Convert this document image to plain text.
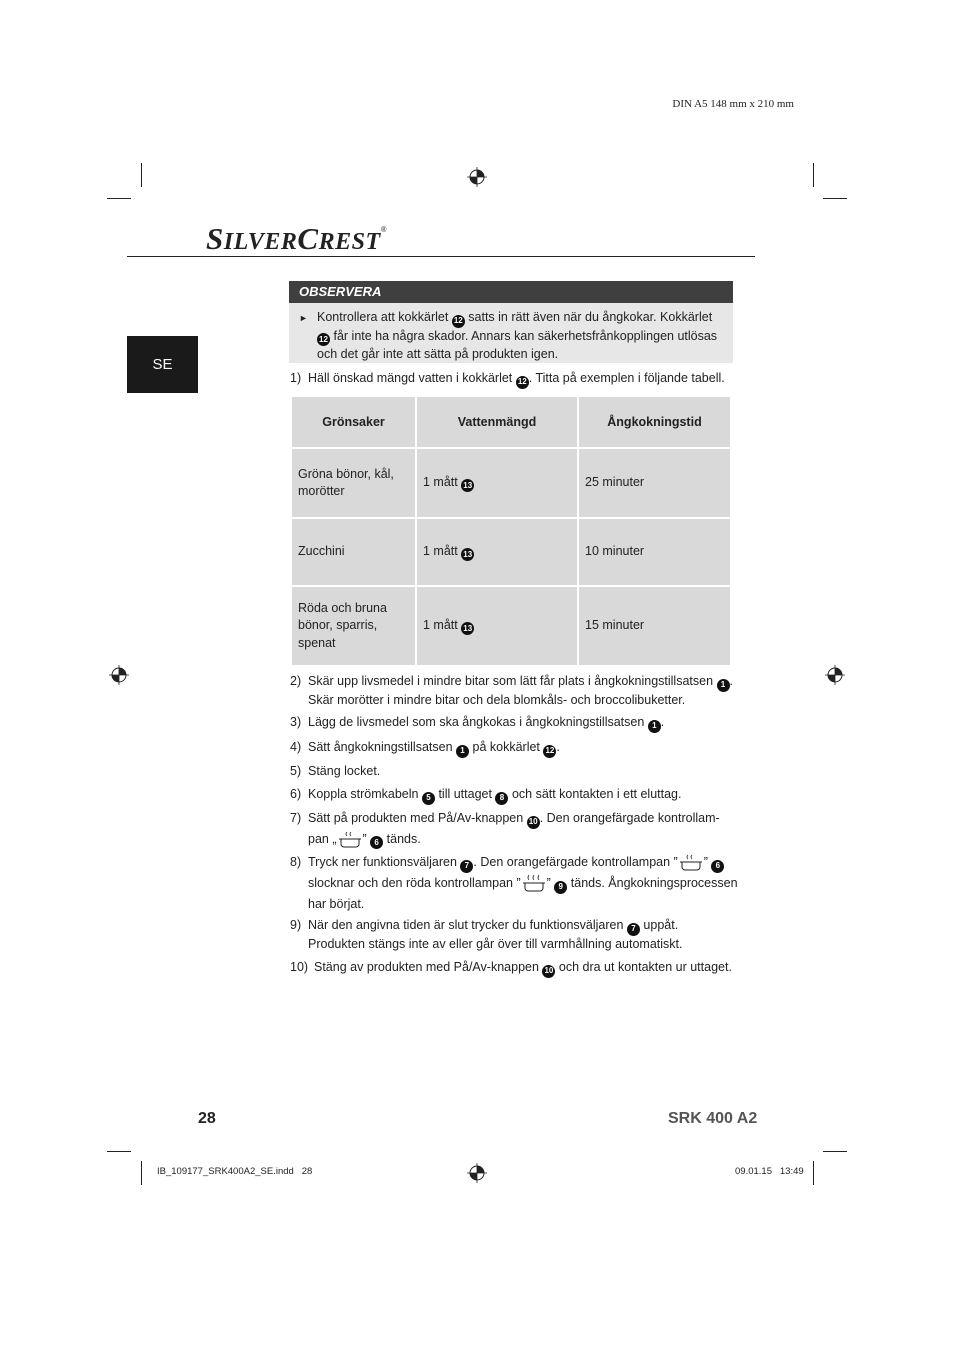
DIN A5 148 mm x 210 mm
SILVERCREST®
SE
OBSERVERA
► Kontrollera att kokkärlet 12 satts in rätt även när du ångkokar. Kokkärlet 12 får inte ha några skador. Annars kan säkerhetsfrånkopplingen utlösas och det går inte att sätta på produkten igen.
1) Häll önskad mängd vatten i kokkärlet 12 . Titta på exemplen i följande tabell.
Grönsaker	Vattenmängd	Ångkokningstid
Gröna bönor, kål, morötter	1 mått 13	25 minuter
Zucchini	1 mått 13	10 minuter
Röda och bruna bönor, sparris, spenat	1 mått 13	15 minuter
2) Skär upp livsmedel i mindre bitar som lätt får plats i ångkokningstillsatsen 1 . Skär morötter i mindre bitar och dela blomkåls- och broccolibuketter.
3) Lägg de livsmedel som ska ångkokas i ångkokningstillsatsen 1 .
4) Sätt ångkokningstillsatsen 1 på kokkärlet 12 .
5) Stäng locket.
6) Koppla strömkabeln 5 till uttaget 8 och sätt kontakten i ett eluttag.
7) Sätt på produkten med På/Av-knappen 10 . Den orangefärgade kontrollam-pan „ ” 6 tänds.
8) Tryck ner funktionsväljaren 7 . Den orangefärgade kontrollampan ” ” 6 slocknar och den röda kontrollampan ” ” 9 tänds. Ångkokningsprocessen har börjat.
9) När den angivna tiden är slut trycker du funktionsväljaren 7 uppåt. Produkten stängs inte av eller går över till varmhållning automatiskt.
10) Stäng av produkten med På/Av-knappen 10 och dra ut kontakten ur uttaget.
28	SRK 400 A2
IB_109177_SRK400A2_SE.indd   28	09.01.15   13:49
